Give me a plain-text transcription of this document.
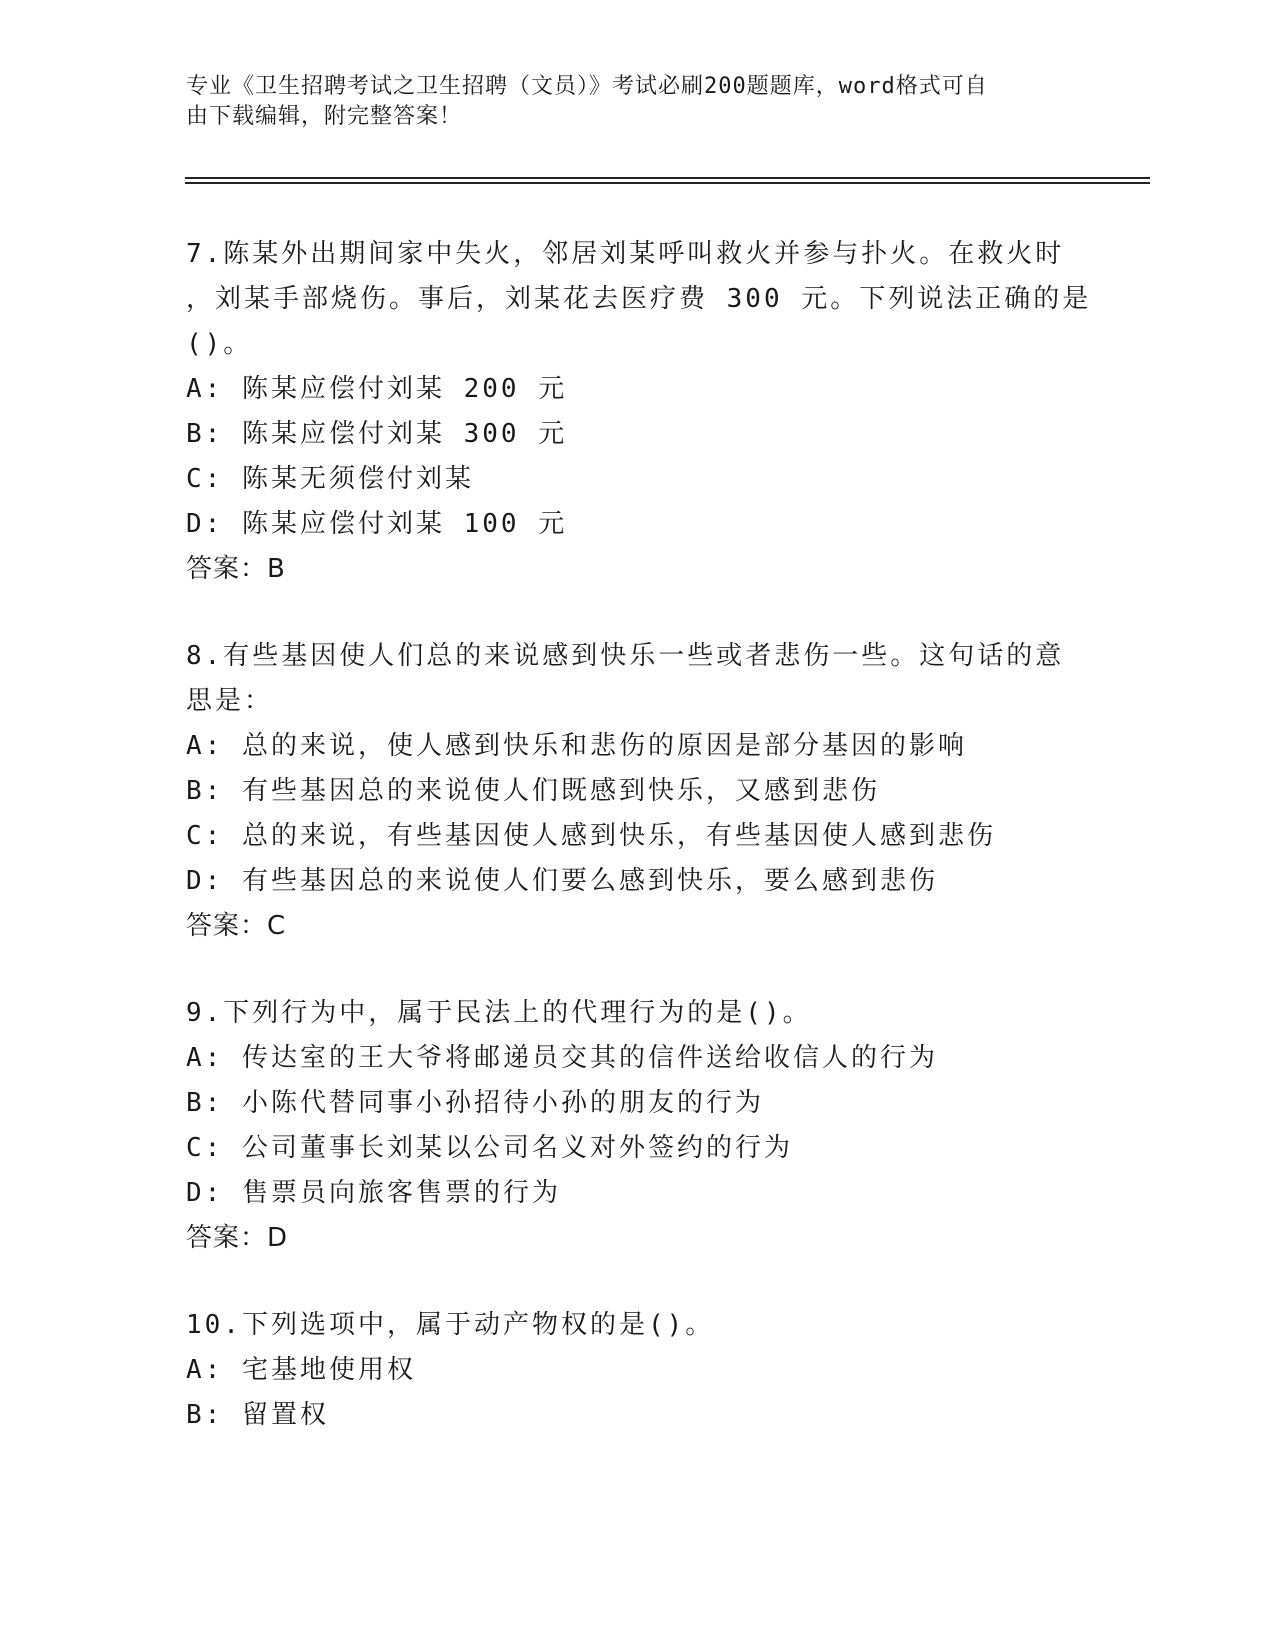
专业《卫生招聘考试之卫生招聘（文员）》考试必刷200题题库，word格式可自
由下载编辑，附完整答案！
7.陈某外出期间家中失火，邻居刘某呼叫救火并参与扑火。在救火时
，刘某手部烧伤。事后，刘某花去医疗费 300 元。下列说法正确的是
()。
A: 陈某应偿付刘某 200 元
B: 陈某应偿付刘某 300 元
C: 陈某无须偿付刘某
D: 陈某应偿付刘某 100 元
答案：B
8.有些基因使人们总的来说感到快乐一些或者悲伤一些。这句话的意
思是：
A: 总的来说，使人感到快乐和悲伤的原因是部分基因的影响
B: 有些基因总的来说使人们既感到快乐，又感到悲伤
C: 总的来说，有些基因使人感到快乐，有些基因使人感到悲伤
D: 有些基因总的来说使人们要么感到快乐，要么感到悲伤
答案：C
9.下列行为中，属于民法上的代理行为的是()。
A: 传达室的王大爷将邮递员交其的信件送给收信人的行为
B: 小陈代替同事小孙招待小孙的朋友的行为
C: 公司董事长刘某以公司名义对外签约的行为
D: 售票员向旅客售票的行为
答案：D
10.下列选项中，属于动产物权的是()。
A: 宅基地使用权
B: 留置权
